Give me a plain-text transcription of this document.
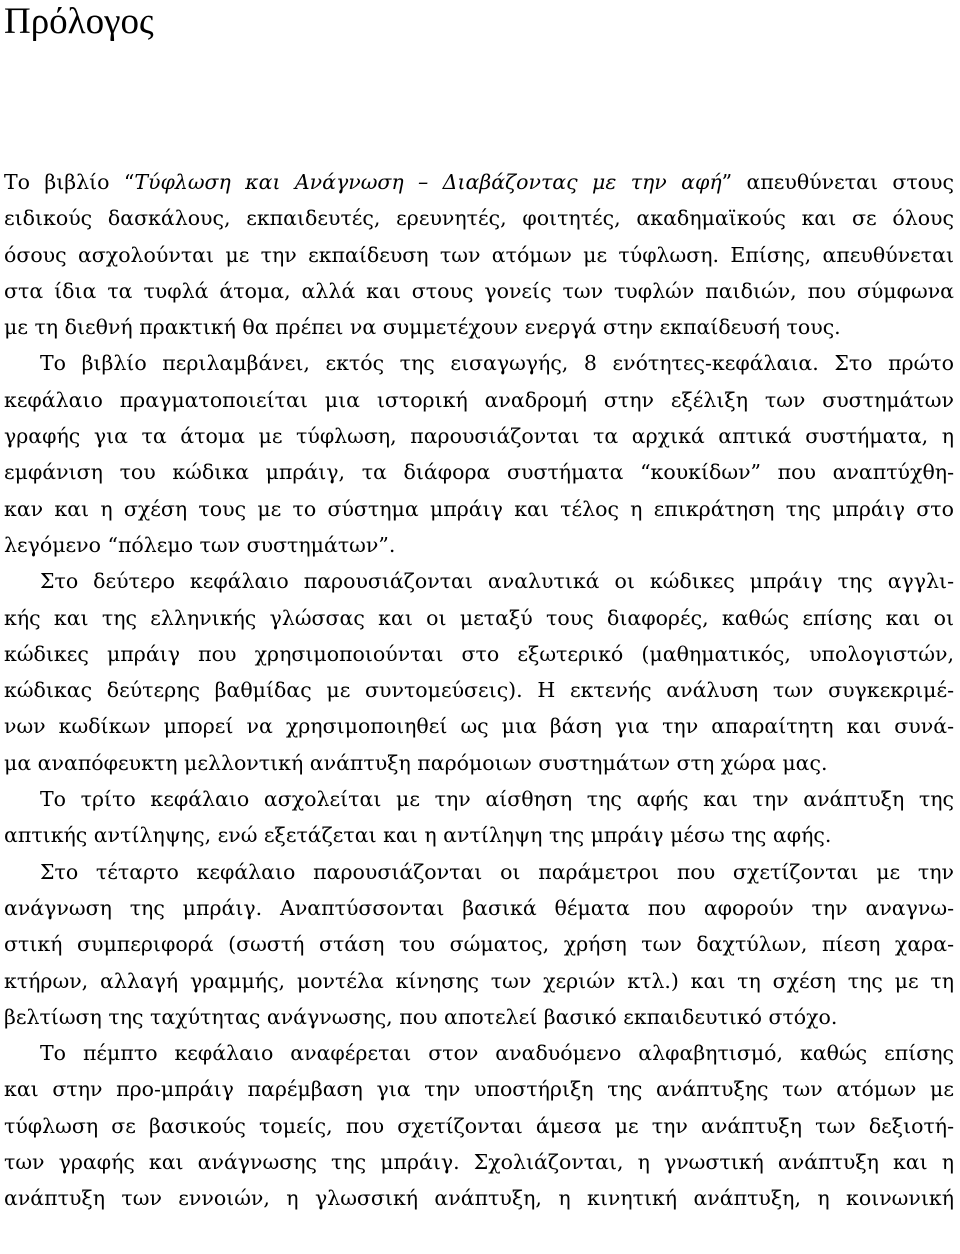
Πρόλογος
Το βιβλίο “Τύφλωση και Ανάγνωση – Διαβάζοντας με την αφή” απευθύνεται στους
ειδικούς δασκάλους, εκπαιδευτές, ερευνητές, φοιτητές, ακαδημαϊκούς και σε όλους
όσους ασχολούνται με την εκπαίδευση των ατόμων με τύφλωση. Επίσης, απευθύνεται
στα ίδια τα τυφλά άτομα, αλλά και στους γονείς των τυφλών παιδιών, που σύμφωνα
με τη διεθνή πρακτική θα πρέπει να συμμετέχουν ενεργά στην εκπαίδευσή τους.
Το βιβλίο περιλαμβάνει, εκτός της εισαγωγής, 8 ενότητες-κεφάλαια. Στο πρώτο
κεφάλαιο πραγματοποιείται μια ιστορική αναδρομή στην εξέλιξη των συστημάτων
γραφής για τα άτομα με τύφλωση, παρουσιάζονται τα αρχικά απτικά συστήματα, η
εμφάνιση του κώδικα μπράιγ, τα διάφορα συστήματα “κουκίδων” που αναπτύχθη-
καν και η σχέση τους με το σύστημα μπράιγ και τέλος η επικράτηση της μπράιγ στο
λεγόμενο “πόλεμο των συστημάτων”.
Στο δεύτερο κεφάλαιο παρουσιάζονται αναλυτικά οι κώδικες μπράιγ της αγγλι-
κής και της ελληνικής γλώσσας και οι μεταξύ τους διαφορές, καθώς επίσης και οι
κώδικες μπράιγ που χρησιμοποιούνται στο εξωτερικό (μαθηματικός, υπολογιστών,
κώδικας δεύτερης βαθμίδας με συντομεύσεις). Η εκτενής ανάλυση των συγκεκριμέ-
νων κωδίκων μπορεί να χρησιμοποιηθεί ως μια βάση για την απαραίτητη και συνά-
μα αναπόφευκτη μελλοντική ανάπτυξη παρόμοιων συστημάτων στη χώρα μας.
Το τρίτο κεφάλαιο ασχολείται με την αίσθηση της αφής και την ανάπτυξη της
απτικής αντίληψης, ενώ εξετάζεται και η αντίληψη της μπράιγ μέσω της αφής.
Στο τέταρτο κεφάλαιο παρουσιάζονται οι παράμετροι που σχετίζονται με την
ανάγνωση της μπράιγ. Αναπτύσσονται βασικά θέματα που αφορούν την αναγνω-
στική συμπεριφορά (σωστή στάση του σώματος, χρήση των δαχτύλων, πίεση χαρα-
κτήρων, αλλαγή γραμμής, μοντέλα κίνησης των χεριών κτλ.) και τη σχέση της με τη
βελτίωση της ταχύτητας ανάγνωσης, που αποτελεί βασικό εκπαιδευτικό στόχο.
Το πέμπτο κεφάλαιο αναφέρεται στον αναδυόμενο αλφαβητισμό, καθώς επίσης
και στην προ-μπράιγ παρέμβαση για την υποστήριξη της ανάπτυξης των ατόμων με
τύφλωση σε βασικούς τομείς, που σχετίζονται άμεσα με την ανάπτυξη των δεξιοτή-
των γραφής και ανάγνωσης της μπράιγ. Σχολιάζονται, η γνωστική ανάπτυξη και η
ανάπτυξη των εννοιών, η γλωσσική ανάπτυξη, η κινητική ανάπτυξη, η κοινωνική
